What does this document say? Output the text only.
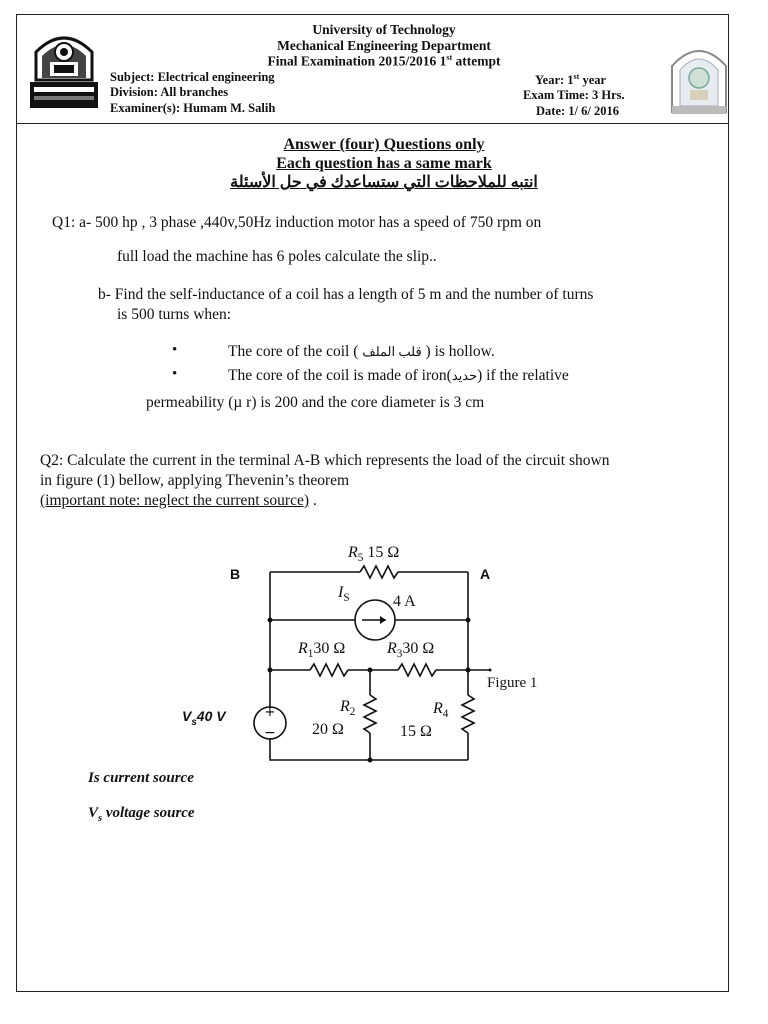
University of Technology
Mechanical Engineering Department
Final Examination 2015/2016 1st attempt
Subject: Electrical engineering
Division: All branches
Examiner(s): Humam M. Salih
Year: 1st year
Exam Time: 3 Hrs.
Date: 1/ 6/ 2016
Answer (four) Questions only
Each question has a same mark
انتبه للملاحظات التي ستساعدك في حل الأسئلة
Q1: a- 500 hp , 3 phase ,440v,50Hz induction motor has a speed of 750 rpm on
full load the machine has 6 poles calculate the slip..
b- Find the self-inductance of a coil has a length of 5 m and the number of turns
is 500 turns when:
•	The core of the coil ( قلب الملف ) is hollow.
•	The core of the coil is made of iron(حديد) if the relative
permeability (µ r) is 200 and the core diameter is 3 cm
Q2: Calculate the current in the terminal A-B which represents the load of the circuit shown
in figure (1) bellow, applying Thevenin’s theorem
(important note: neglect the current source) .
+
−
B	A
$R_5$ 15 Ω
$I_S$	4 A
$R_130$ Ω	$R_330$ Ω
$R_2$
20 Ω
$R_4$
15 Ω
$V_s40$ V
Figure 1
Is current source
$V_s$ voltage source
